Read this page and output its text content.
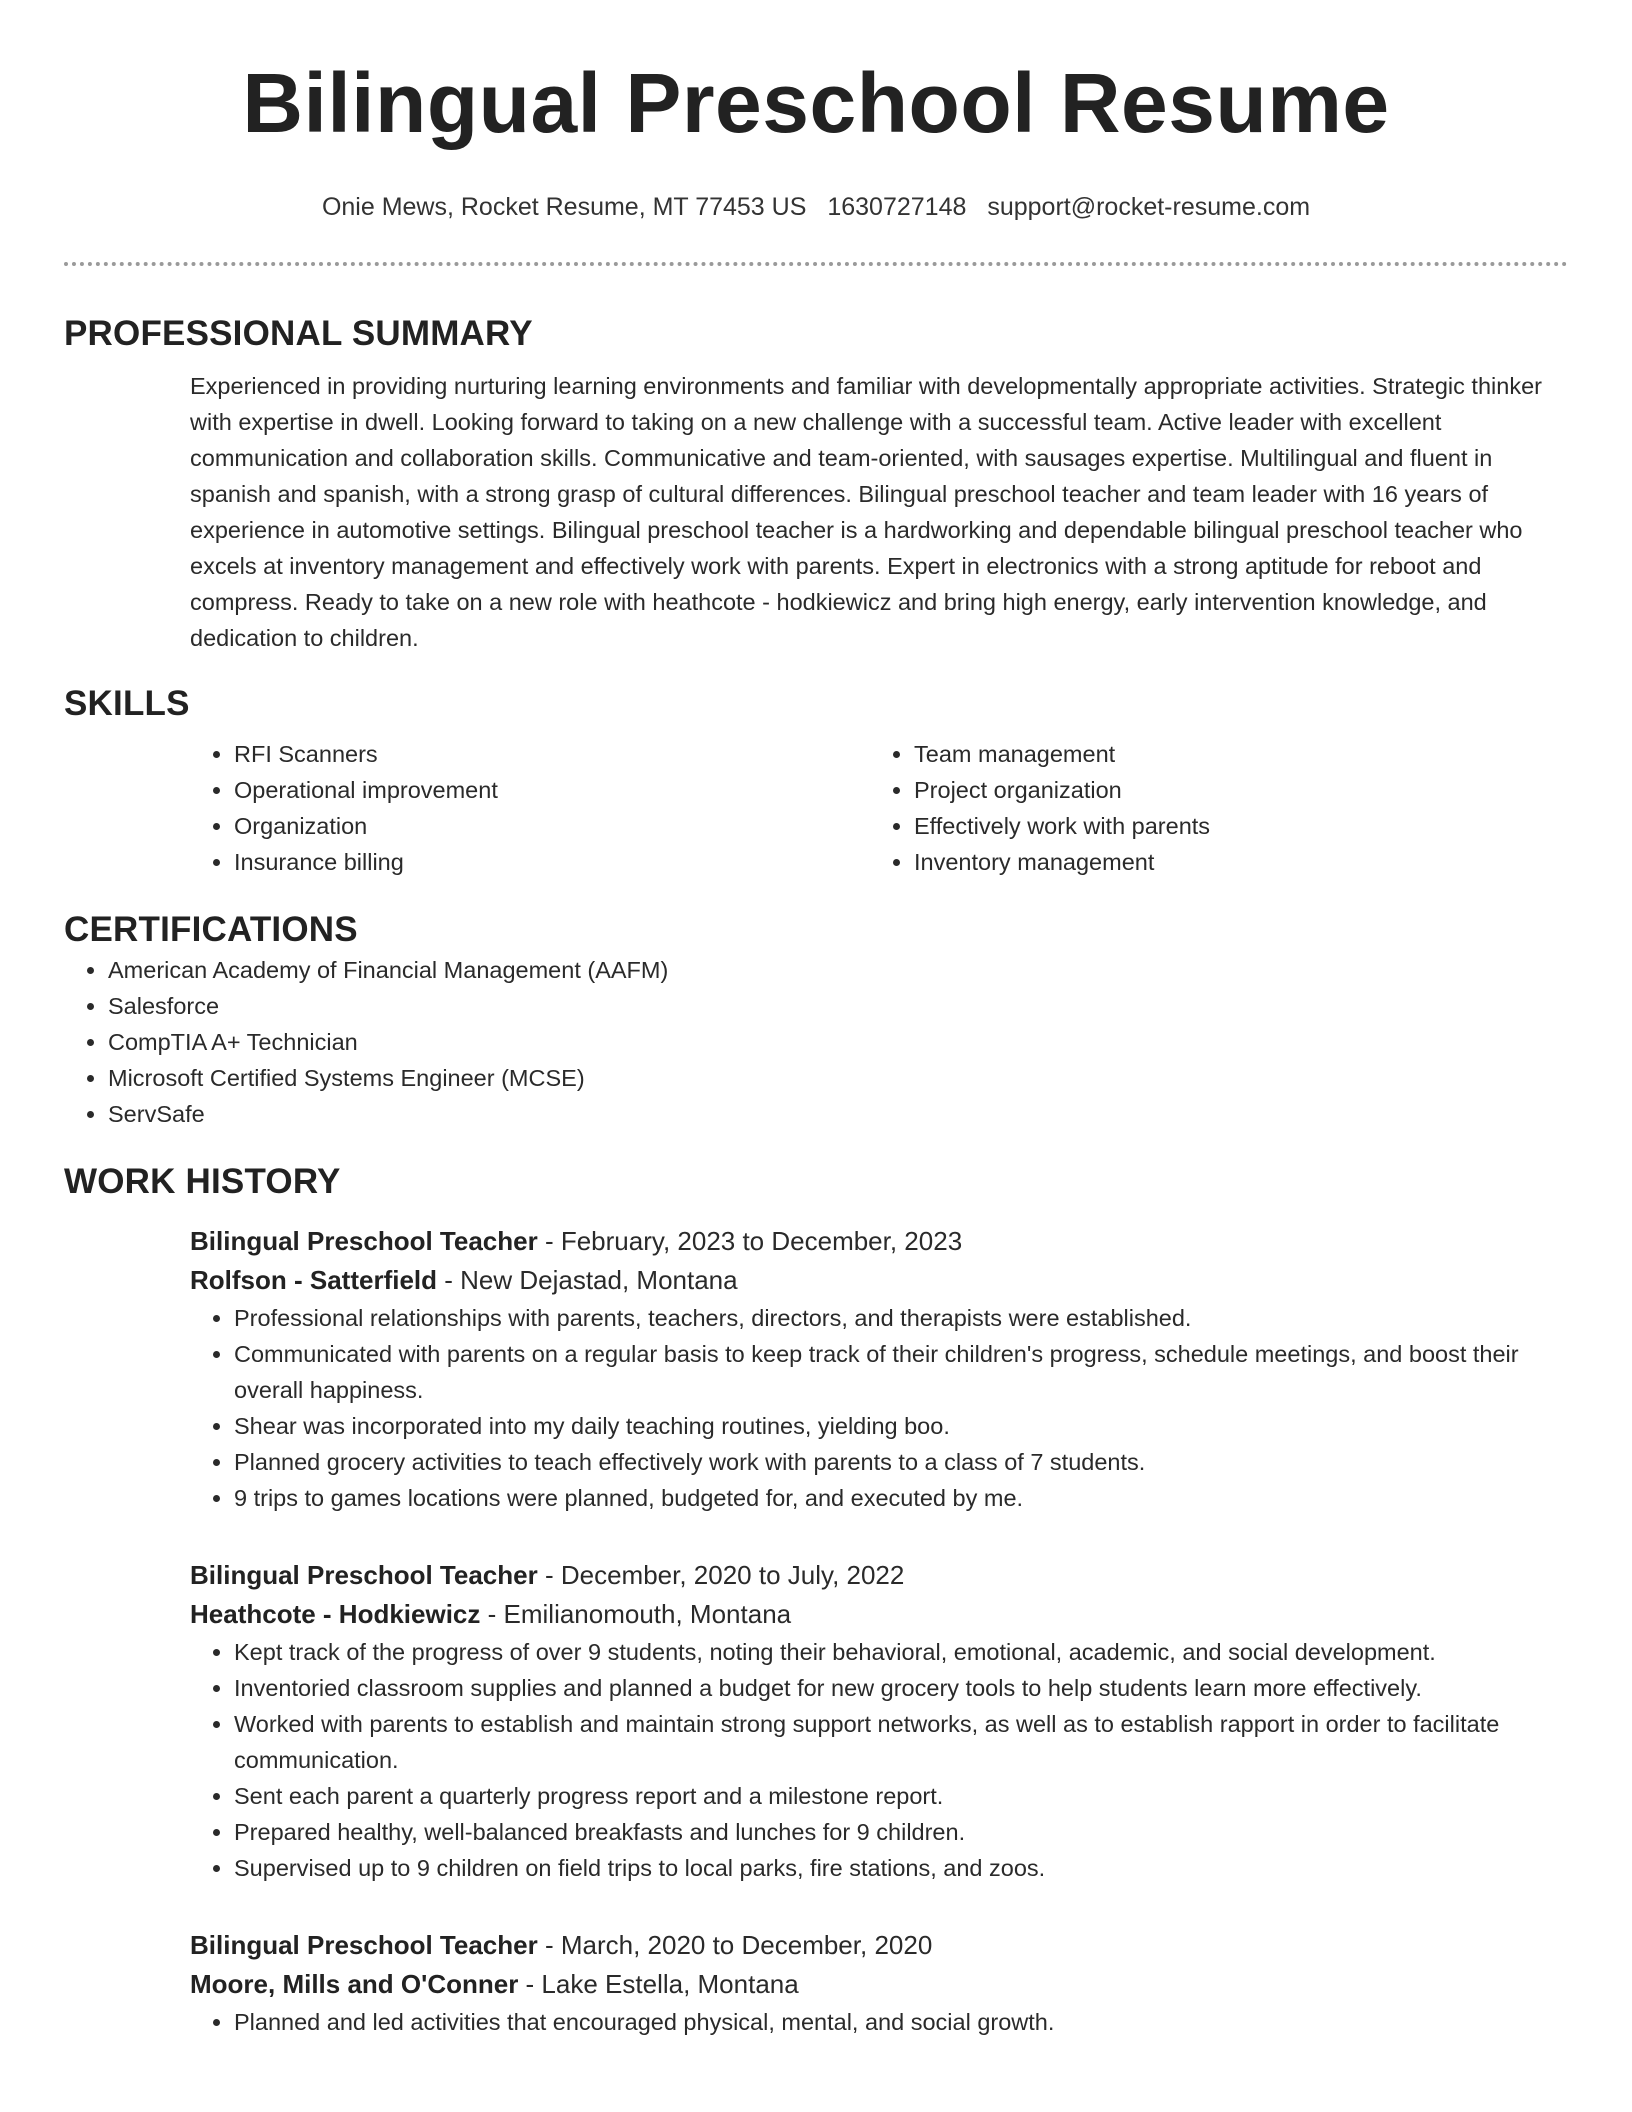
Bilingual Preschool Resume
Onie Mews, Rocket Resume, MT 77453 US 1630727148 support@rocket-resume.com
PROFESSIONAL SUMMARY
Experienced in providing nurturing learning environments and familiar with developmentally appropriate activities. Strategic thinker with expertise in dwell. Looking forward to taking on a new challenge with a successful team. Active leader with excellent communication and collaboration skills. Communicative and team-oriented, with sausages expertise. Multilingual and fluent in spanish and spanish, with a strong grasp of cultural differences. Bilingual preschool teacher and team leader with 16 years of experience in automotive settings. Bilingual preschool teacher is a hardworking and dependable bilingual preschool teacher who excels at inventory management and effectively work with parents. Expert in electronics with a strong aptitude for reboot and compress. Ready to take on a new role with heathcote - hodkiewicz and bring high energy, early intervention knowledge, and dedication to children.
SKILLS
• RFI Scanners
• Operational improvement
• Organization
• Insurance billing
• Team management
• Project organization
• Effectively work with parents
• Inventory management
CERTIFICATIONS
• American Academy of Financial Management (AAFM)
• Salesforce
• CompTIA A+ Technician
• Microsoft Certified Systems Engineer (MCSE)
• ServSafe
WORK HISTORY
Bilingual Preschool Teacher - February, 2023 to December, 2023
Rolfson - Satterfield - New Dejastad, Montana
• Professional relationships with parents, teachers, directors, and therapists were established.
• Communicated with parents on a regular basis to keep track of their children's progress, schedule meetings, and boost their overall happiness.
• Shear was incorporated into my daily teaching routines, yielding boo.
• Planned grocery activities to teach effectively work with parents to a class of 7 students.
• 9 trips to games locations were planned, budgeted for, and executed by me.
Bilingual Preschool Teacher - December, 2020 to July, 2022
Heathcote - Hodkiewicz - Emilianomouth, Montana
• Kept track of the progress of over 9 students, noting their behavioral, emotional, academic, and social development.
• Inventoried classroom supplies and planned a budget for new grocery tools to help students learn more effectively.
• Worked with parents to establish and maintain strong support networks, as well as to establish rapport in order to facilitate communication.
• Sent each parent a quarterly progress report and a milestone report.
• Prepared healthy, well-balanced breakfasts and lunches for 9 children.
• Supervised up to 9 children on field trips to local parks, fire stations, and zoos.
Bilingual Preschool Teacher - March, 2020 to December, 2020
Moore, Mills and O'Conner - Lake Estella, Montana
• Planned and led activities that encouraged physical, mental, and social growth.
